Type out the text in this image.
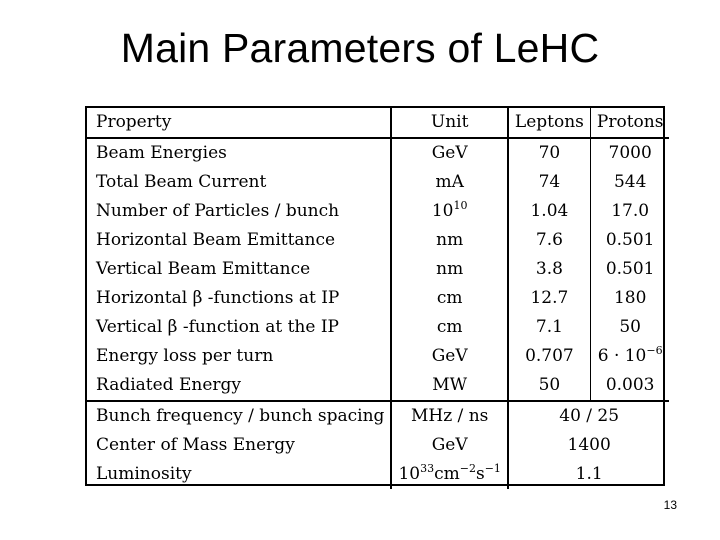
Main Parameters of LeHC
Property	Unit	Leptons	Protons
Beam Energies	GeV	70	7000
Total Beam Current	mA	74	544
Number of Particles / bunch	$10^{10}$	1.04	17.0
Horizontal Beam Emittance	nm	7.6	0.501
Vertical Beam Emittance	nm	3.8	0.501
Horizontal β -functions at IP	cm	12.7	180
Vertical β -function at the IP	cm	7.1	50
Energy loss per turn	GeV	0.707	$6 \cdot 10^{-6}$
Radiated Energy	MW	50	0.003
Bunch frequency / bunch spacing	MHz / ns	40 / 25	
Center of Mass Energy	GeV	1400	
Luminosity	$10^{33}cm^{-2}s^{-1}$	1.1	
13
